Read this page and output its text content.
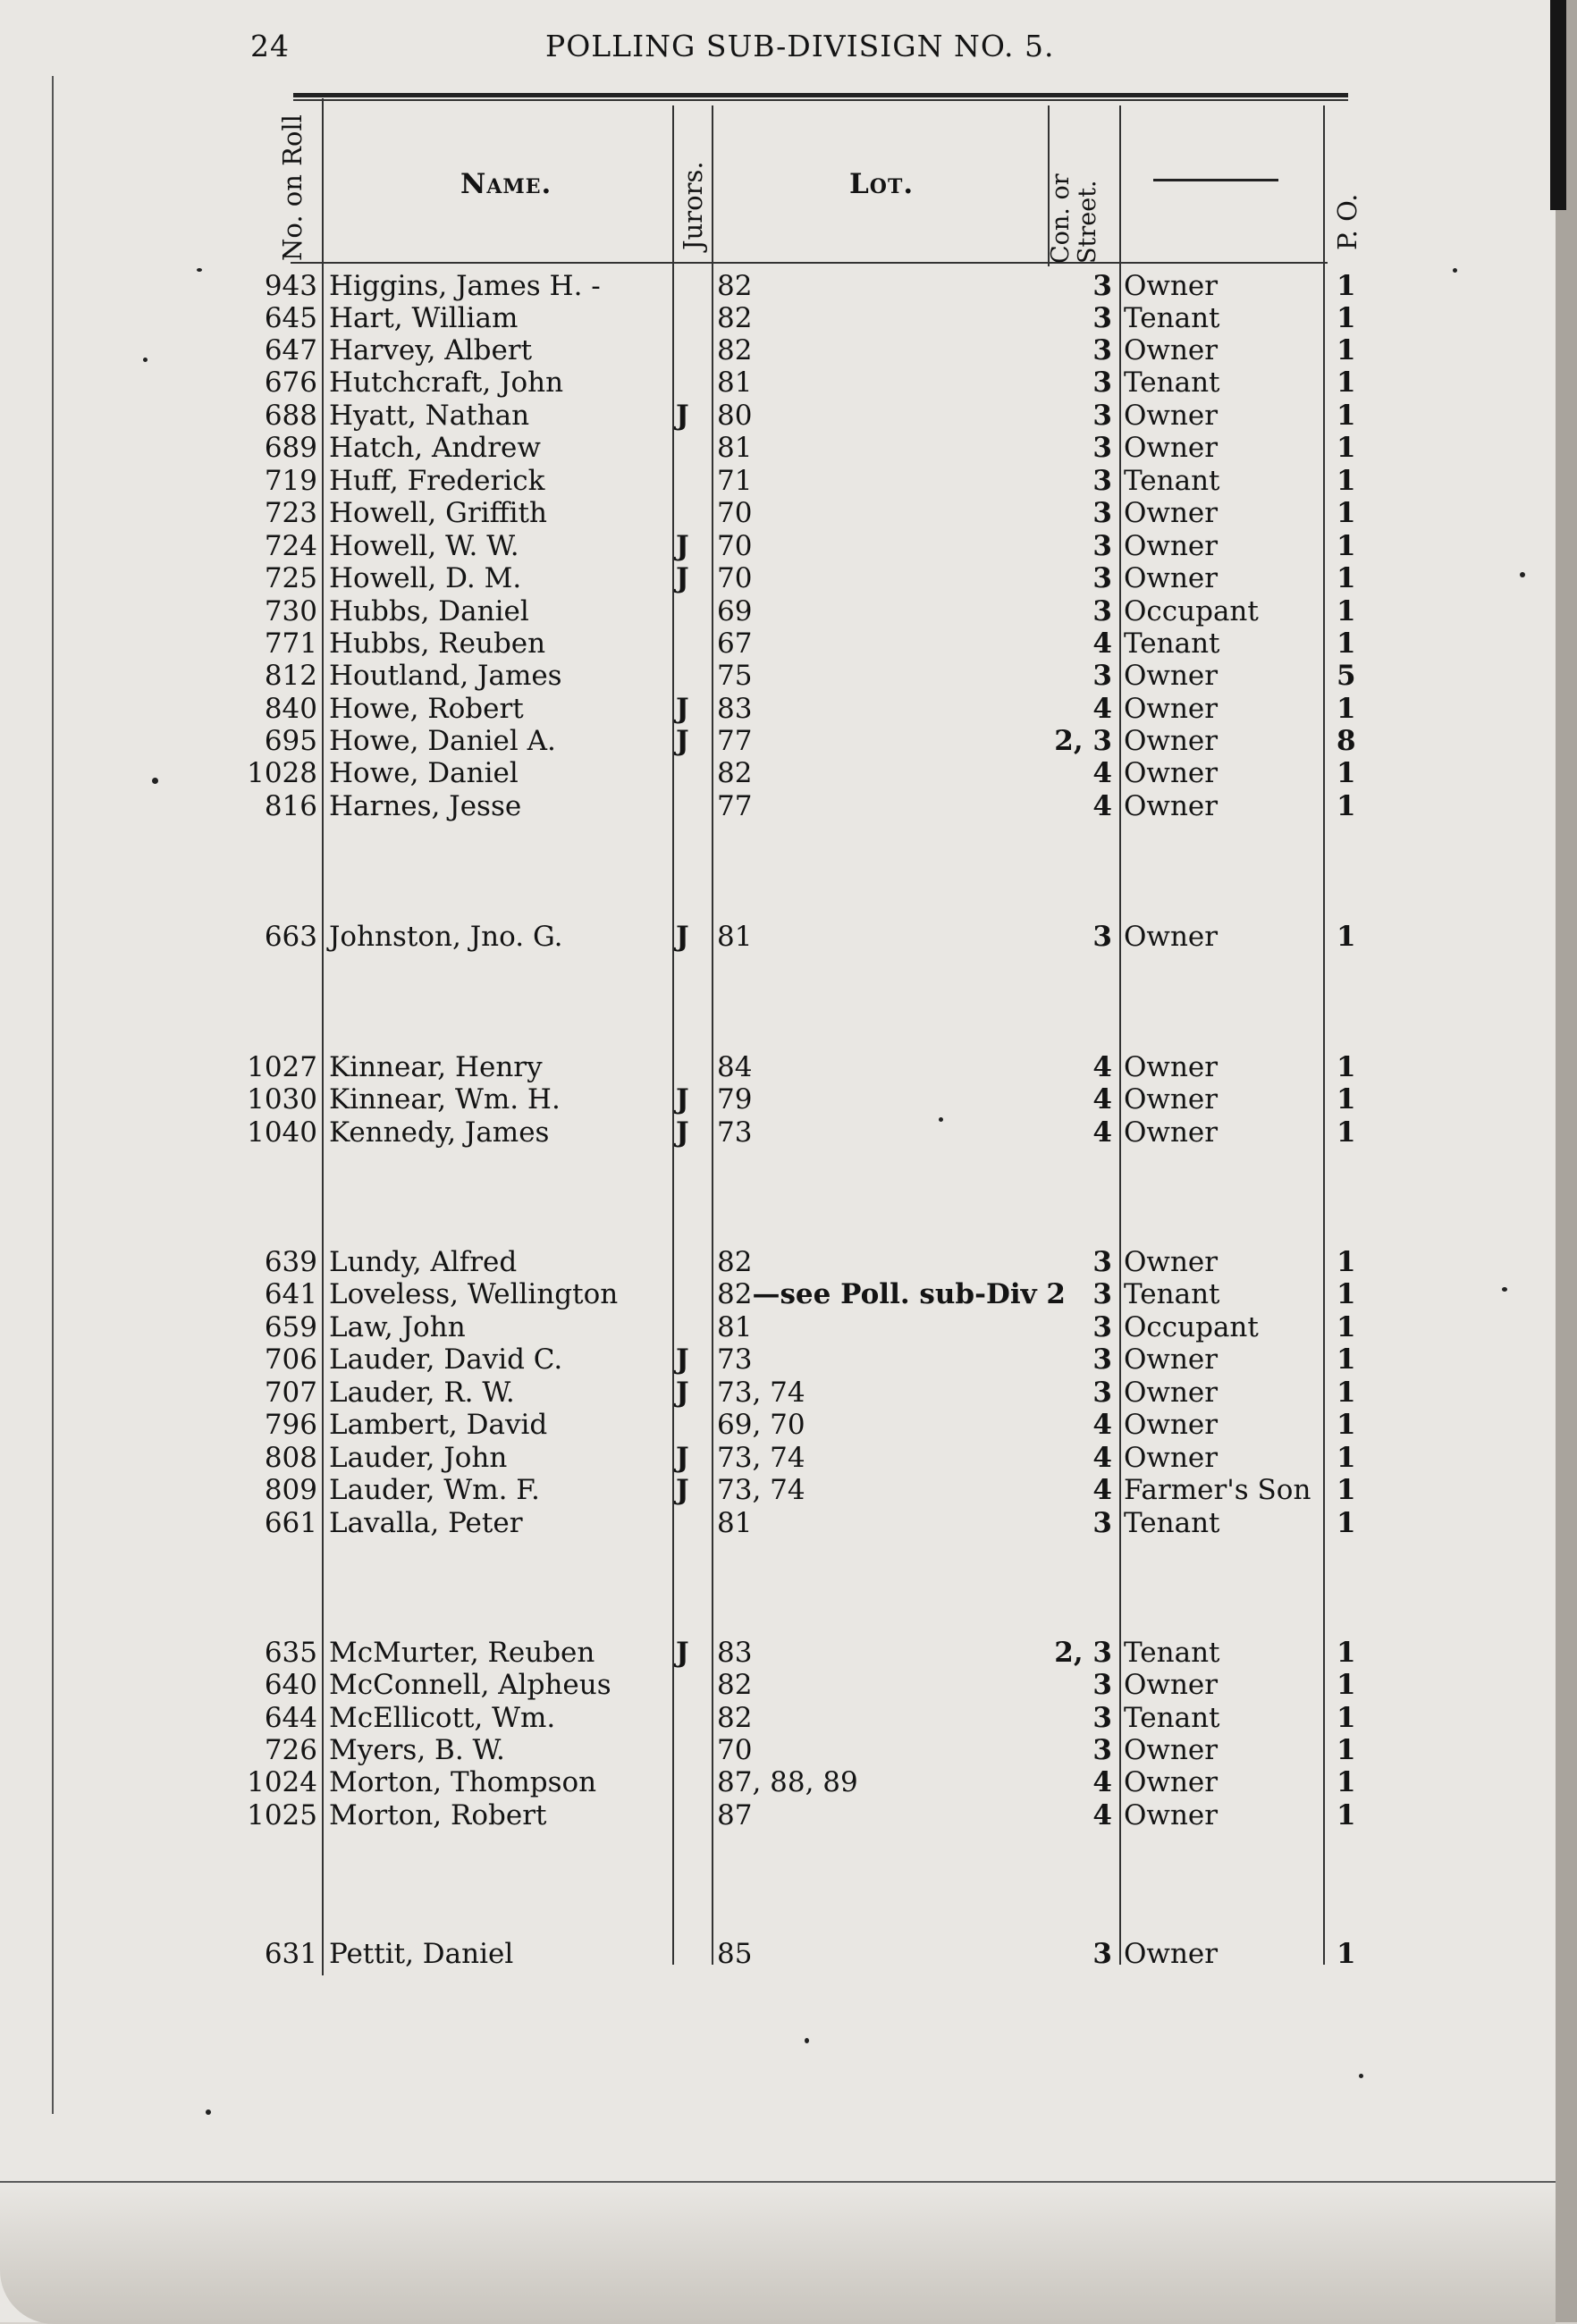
24	POLLING SUB-DIVISIGN NO. 5.
No. on Roll	Name.	Jurors.	Lot.	Con. or Street.	P. O.
943 Higgins, James H. -	82	3 Owner	1
645 Hart, William	82	3 Tenant	1
647 Harvey, Albert	82	3 Owner	1
676 Hutchcraft, John	81	3 Tenant	1
688 Hyatt, Nathan	J 80	3 Owner	1
689 Hatch, Andrew	81	3 Owner	1
719 Huff, Frederick	71	3 Tenant	1
723 Howell, Griffith	70	3 Owner	1
724 Howell, W. W.	J 70	3 Owner	1
725 Howell, D. M.	J 70	3 Owner	1
730 Hubbs, Daniel	69	3 Occupant	1
771 Hubbs, Reuben	67	4 Tenant	1
812 Houtland, James	75	3 Owner	5
840 Howe, Robert	J 83	4 Owner	1
695 Howe, Daniel A.	J 77	2, 3 Owner	8
1028 Howe, Daniel	82	4 Owner	1
816 Harnes, Jesse	77	4 Owner	1
663 Johnston, Jno. G.	J 81	3 Owner	1
1027 Kinnear, Henry	84	4 Owner	1
1030 Kinnear, Wm. H.	J 79	4 Owner	1
1040 Kennedy, James	J 73	4 Owner	1
639 Lundy, Alfred	82	3 Owner	1
641 Loveless, Wellington	82—see Poll. sub-Div 2 3 Tenant	1
659 Law, John	81	3 Occupant	1
706 Lauder, David C.	J 73	3 Owner	1
707 Lauder, R. W.	J 73, 74	3 Owner	1
796 Lambert, David	69, 70	4 Owner	1
808 Lauder, John	J 73, 74	4 Owner	1
809 Lauder, Wm. F.	J 73, 74	4 Farmer's Son 1
661 Lavalla, Peter	81	3 Tenant	1
635 McMurter, Reuben	J 83	2, 3 Tenant	1
640 McConnell, Alpheus	82	3 Owner	1
644 McEllicott, Wm.	82	3 Tenant	1
726 Myers, B. W.	70	3 Owner	1
1024 Morton, Thompson	87, 88, 89	4 Owner	1
1025 Morton, Robert	87	4 Owner	1
631 Pettit, Daniel	85	3 Owner	1
